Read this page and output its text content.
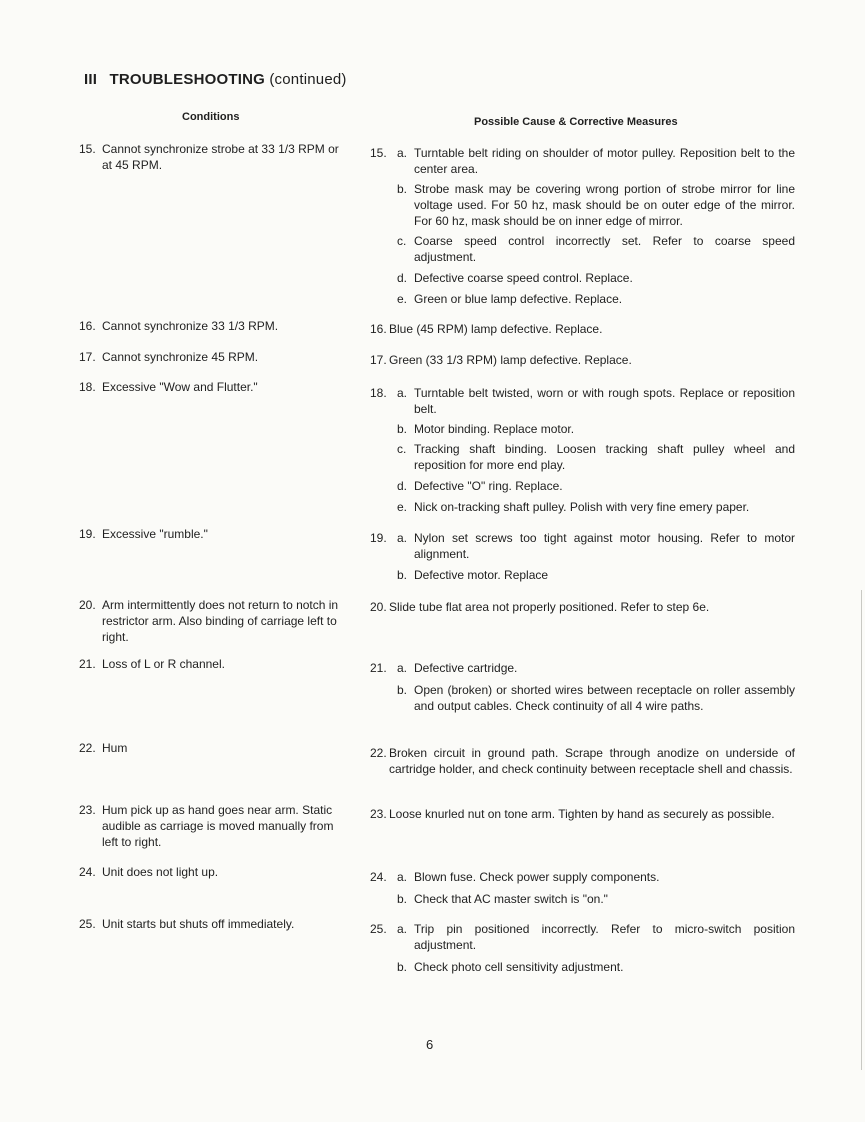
III TROUBLESHOOTING (continued)
Conditions	Possible Cause & Corrective Measures
15. Cannot synchronize strobe at 33 1/3 RPM or at 45 RPM.
15. a. Turntable belt riding on shoulder of motor pulley. Reposition belt to the center area.
b. Strobe mask may be covering wrong portion of strobe mirror for line voltage used. For 50 hz, mask should be on outer edge of the mirror. For 60 hz, mask should be on inner edge of mirror.
c. Coarse speed control incorrectly set. Refer to coarse speed adjustment.
d. Defective coarse speed control. Replace.
e. Green or blue lamp defective. Replace.
16. Cannot synchronize 33 1/3 RPM.	16. Blue (45 RPM) lamp defective. Replace.
17. Cannot synchronize 45 RPM.	17. Green (33 1/3 RPM) lamp defective. Replace.
18. Excessive "Wow and Flutter."	18. a. Turntable belt twisted, worn or with rough spots. Replace or reposition belt.
b. Motor binding. Replace motor.
c. Tracking shaft binding. Loosen tracking shaft pulley wheel and reposition for more end play.
d. Defective "O" ring. Replace.
e. Nick on-tracking shaft pulley. Polish with very fine emery paper.
19. Excessive "rumble."	19. a. Nylon set screws too tight against motor housing. Refer to motor alignment.
b. Defective motor. Replace
20. Arm intermittently does not return to notch in restrictor arm. Also binding of carriage left to right.
20. Slide tube flat area not properly positioned. Refer to step 6e.
21. Loss of L or R channel.	21. a. Defective cartridge.
b. Open (broken) or shorted wires between receptacle on roller assembly and output cables. Check continuity of all 4 wire paths.
22. Hum	22. Broken circuit in ground path. Scrape through anodize on underside of cartridge holder, and check continuity between receptacle shell and chassis.
23. Hum pick up as hand goes near arm. Static audible as carriage is moved manually from left to right.
23. Loose knurled nut on tone arm. Tighten by hand as securely as possible.
24. Unit does not light up.	24. a. Blown fuse. Check power supply components.
b. Check that AC master switch is "on."
25. Unit starts but shuts off immediately.	25. a. Trip pin positioned incorrectly. Refer to micro-switch position adjustment.
b. Check photo cell sensitivity adjustment.
6
